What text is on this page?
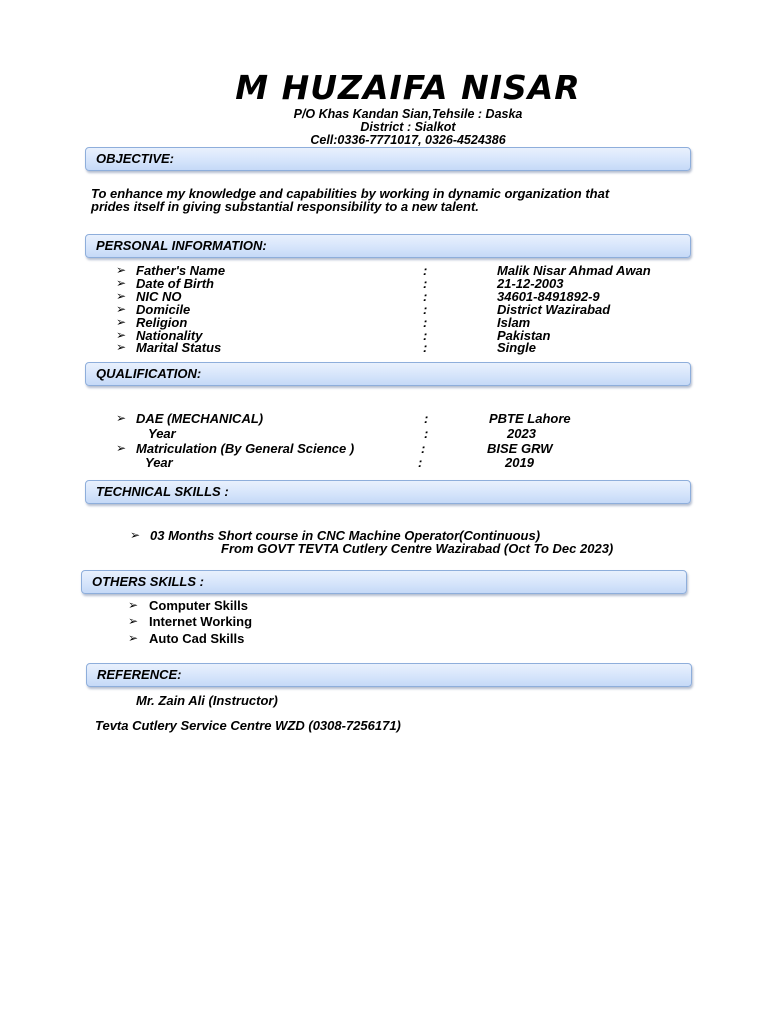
M HUZAIFA NISAR
P/O Khas Kandan Sian,Tehsile : Daska
District : Sialkot
Cell:0336-7771017, 0326-4524386
OBJECTIVE:
To enhance my knowledge and capabilities by working in dynamic organization that
prides itself in giving substantial responsibility to a new talent.
PERSONAL INFORMATION:
➢ Father's Name	:	Malik Nisar Ahmad Awan
➢ Date of Birth	:	21-12-2003
➢ NIC NO	:	34601-8491892-9
➢ Domicile	:	District Wazirabad
➢ Religion	:	Islam
➢ Nationality	:	Pakistan
➢ Marital Status	:	Single
QUALIFICATION:
➢ DAE (MECHANICAL)	:	PBTE Lahore
Year	:	2023
➢ Matriculation (By General Science )	:	BISE GRW
Year	:	2019
TECHNICAL SKILLS :
➢ 03 Months Short course in CNC Machine Operator(Continuous)
From GOVT TEVTA Cutlery Centre Wazirabad (Oct To Dec 2023)
OTHERS SKILLS :
➢ Computer Skills
➢ Internet Working
➢ Auto Cad Skills
REFERENCE:
Mr. Zain Ali (Instructor)
Tevta Cutlery Service Centre WZD (0308-7256171)
